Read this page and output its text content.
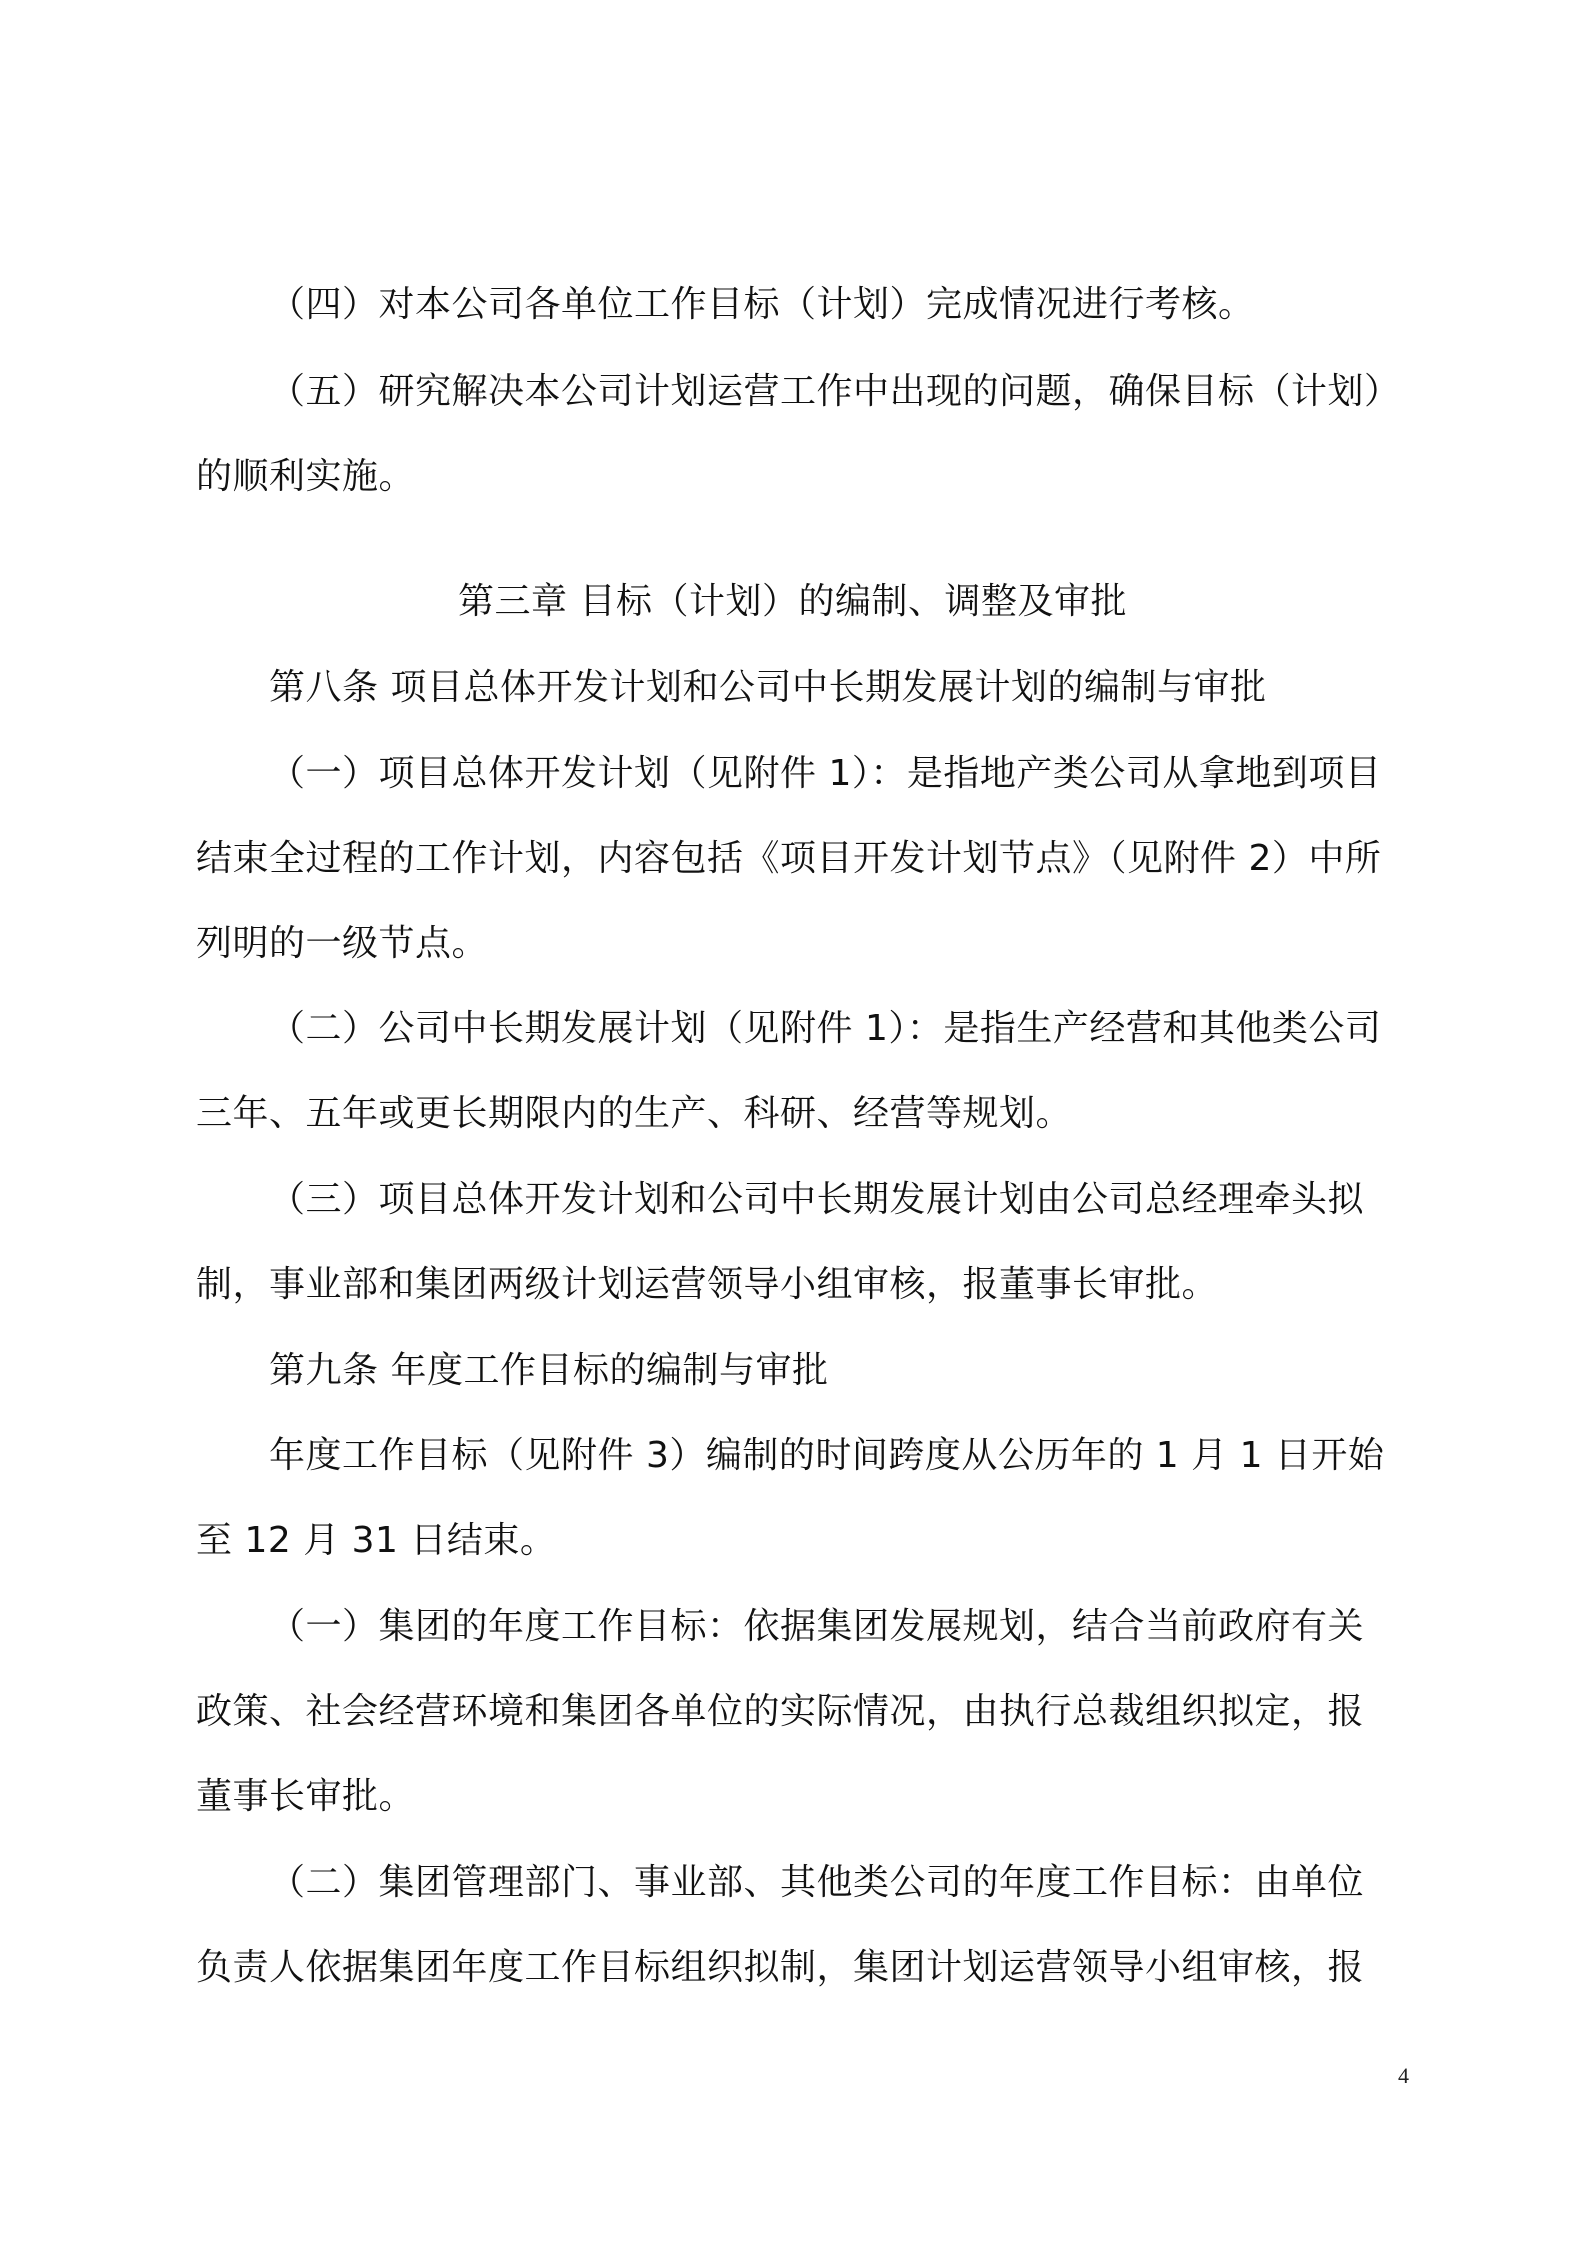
（四）对本公司各单位工作目标（计划）完成情况进行考核。
（五）研究解决本公司计划运营工作中出现的问题，确保目标（计划）
的顺利实施。
第三章 目标（计划）的编制、调整及审批
第八条 项目总体开发计划和公司中长期发展计划的编制与审批
（一）项目总体开发计划（见附件 1）：是指地产类公司从拿地到项目
结束全过程的工作计划，内容包括《项目开发计划节点》（见附件 2）中所
列明的一级节点。
（二）公司中长期发展计划（见附件 1）：是指生产经营和其他类公司
三年、五年或更长期限内的生产、科研、经营等规划。
（三）项目总体开发计划和公司中长期发展计划由公司总经理牵头拟
制，事业部和集团两级计划运营领导小组审核，报董事长审批。
第九条 年度工作目标的编制与审批
年度工作目标（见附件 3）编制的时间跨度从公历年的 1 月 1 日开始
至 12 月 31 日结束。
（一）集团的年度工作目标：依据集团发展规划，结合当前政府有关
政策、社会经营环境和集团各单位的实际情况，由执行总裁组织拟定，报
董事长审批。
（二）集团管理部门、事业部、其他类公司的年度工作目标：由单位
负责人依据集团年度工作目标组织拟制，集团计划运营领导小组审核，报
4
